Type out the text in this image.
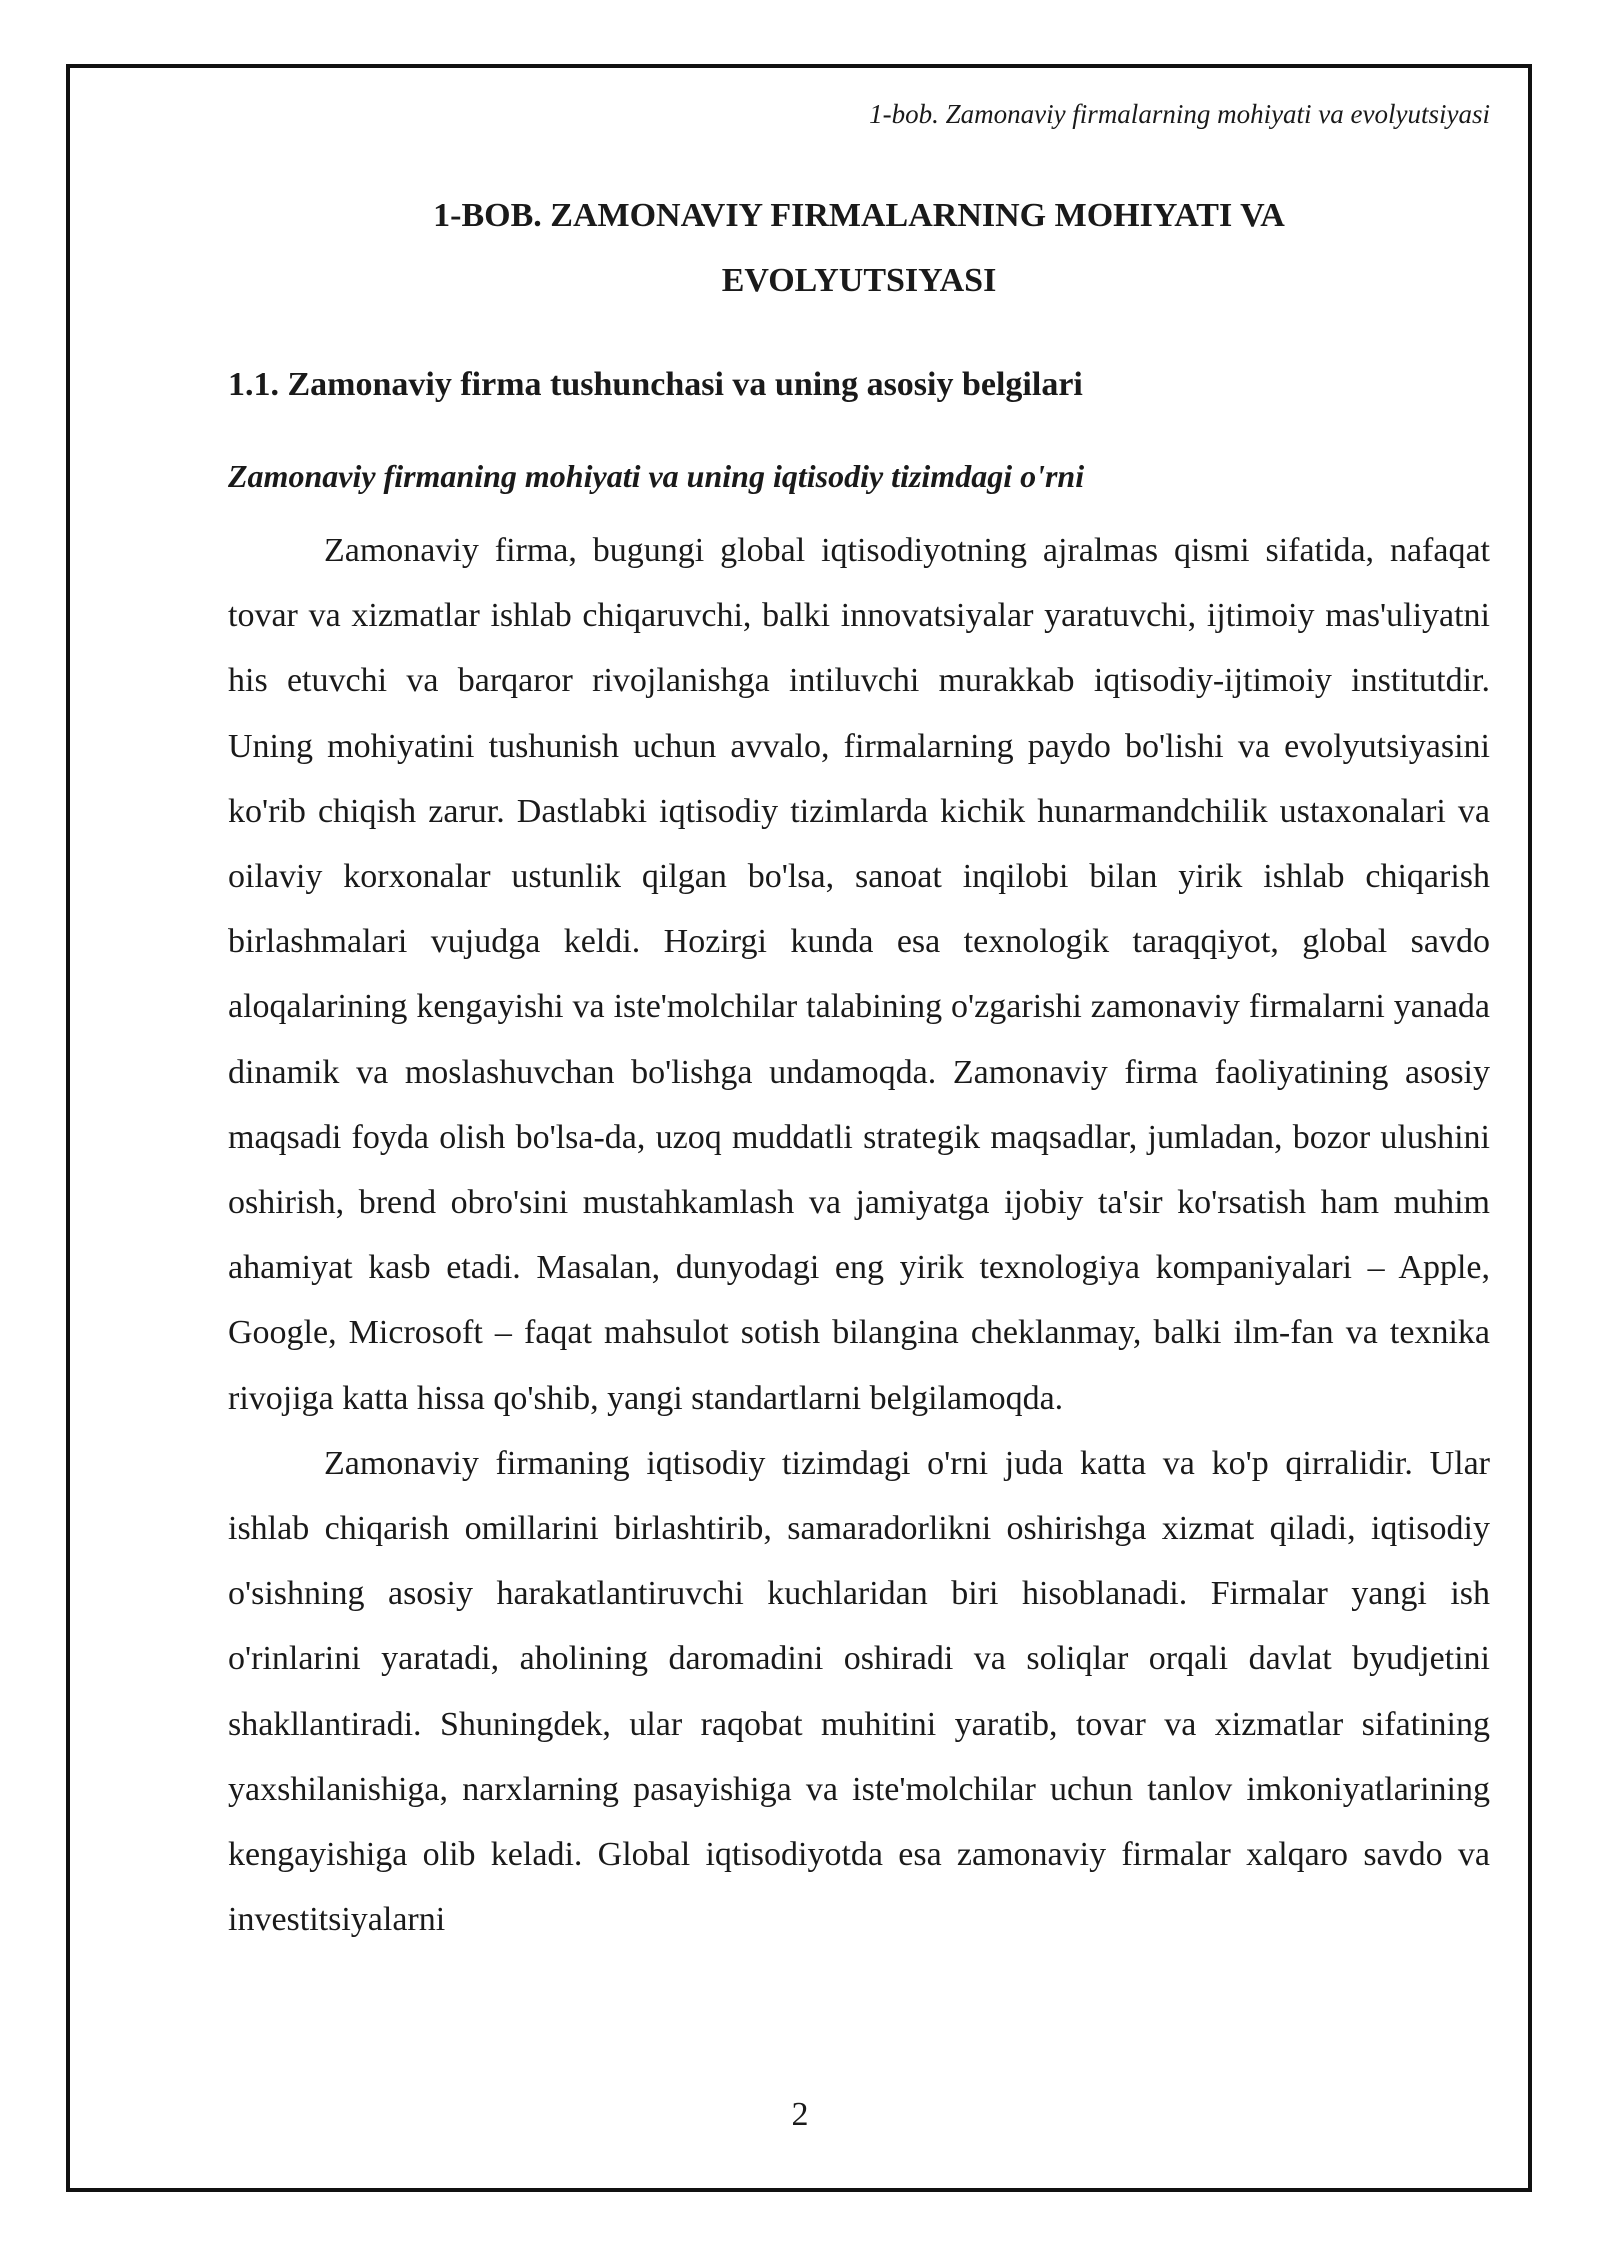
1-bob. Zamonaviy firmalarning mohiyati va evolyutsiyasi
1-BOB. ZAMONAVIY FIRMALARNING MOHIYATI VA
EVOLYUTSIYASI
1.1. Zamonaviy firma tushunchasi va uning asosiy belgilari
Zamonaviy firmaning mohiyati va uning iqtisodiy tizimdagi o'rni

Zamonaviy firma, bugungi global iqtisodiyotning ajralmas qismi sifatida, nafaqat tovar va xizmatlar ishlab chiqaruvchi, balki innovatsiyalar yaratuvchi, ijtimoiy mas'uliyatni his etuvchi va barqaror rivojlanishga intiluvchi murakkab iqtisodiy-ijtimoiy institutdir. Uning mohiyatini tushunish uchun avvalo, firmalarning paydo bo'lishi va evolyutsiyasini ko'rib chiqish zarur. Dastlabki iqtisodiy tizimlarda kichik hunarmandchilik ustaxonalari va oilaviy korxonalar ustunlik qilgan bo'lsa, sanoat inqilobi bilan yirik ishlab chiqarish birlashmalari vujudga keldi. Hozirgi kunda esa texnologik taraqqiyot, global savdo aloqalarining kengayishi va iste'molchilar talabining o'zgarishi zamonaviy firmalarni yanada dinamik va moslashuvchan bo'lishga undamoqda. Zamonaviy firma faoliyatining asosiy maqsadi foyda olish bo'lsa-da, uzoq muddatli strategik maqsadlar, jumladan, bozor ulushini oshirish, brend obro'sini mustahkamlash va jamiyatga ijobiy ta'sir ko'rsatish ham muhim ahamiyat kasb etadi. Masalan, dunyodagi eng yirik texnologiya kompaniyalari – Apple, Google, Microsoft – faqat mahsulot sotish bilangina cheklanmay, balki ilm-fan va texnika rivojiga katta hissa qo'shib, yangi standartlarni belgilamoqda.

Zamonaviy firmaning iqtisodiy tizimdagi o'rni juda katta va ko'p qirralidir. Ular ishlab chiqarish omillarini birlashtirib, samaradorlikni oshirishga xizmat qiladi, iqtisodiy o'sishning asosiy harakatlantiruvchi kuchlaridan biri hisoblanadi. Firmalar yangi ish o'rinlarini yaratadi, aholining daromadini oshiradi va soliqlar orqali davlat byudjetini shakllantiradi. Shuningdek, ular raqobat muhitini yaratib, tovar va xizmatlar sifatining yaxshilanishiga, narxlarning pasayishiga va iste'molchilar uchun tanlov imkoniyatlarining kengayishiga olib keladi. Global iqtisodiyotda esa zamonaviy firmalar xalqaro savdo va investitsiyalarni

2
